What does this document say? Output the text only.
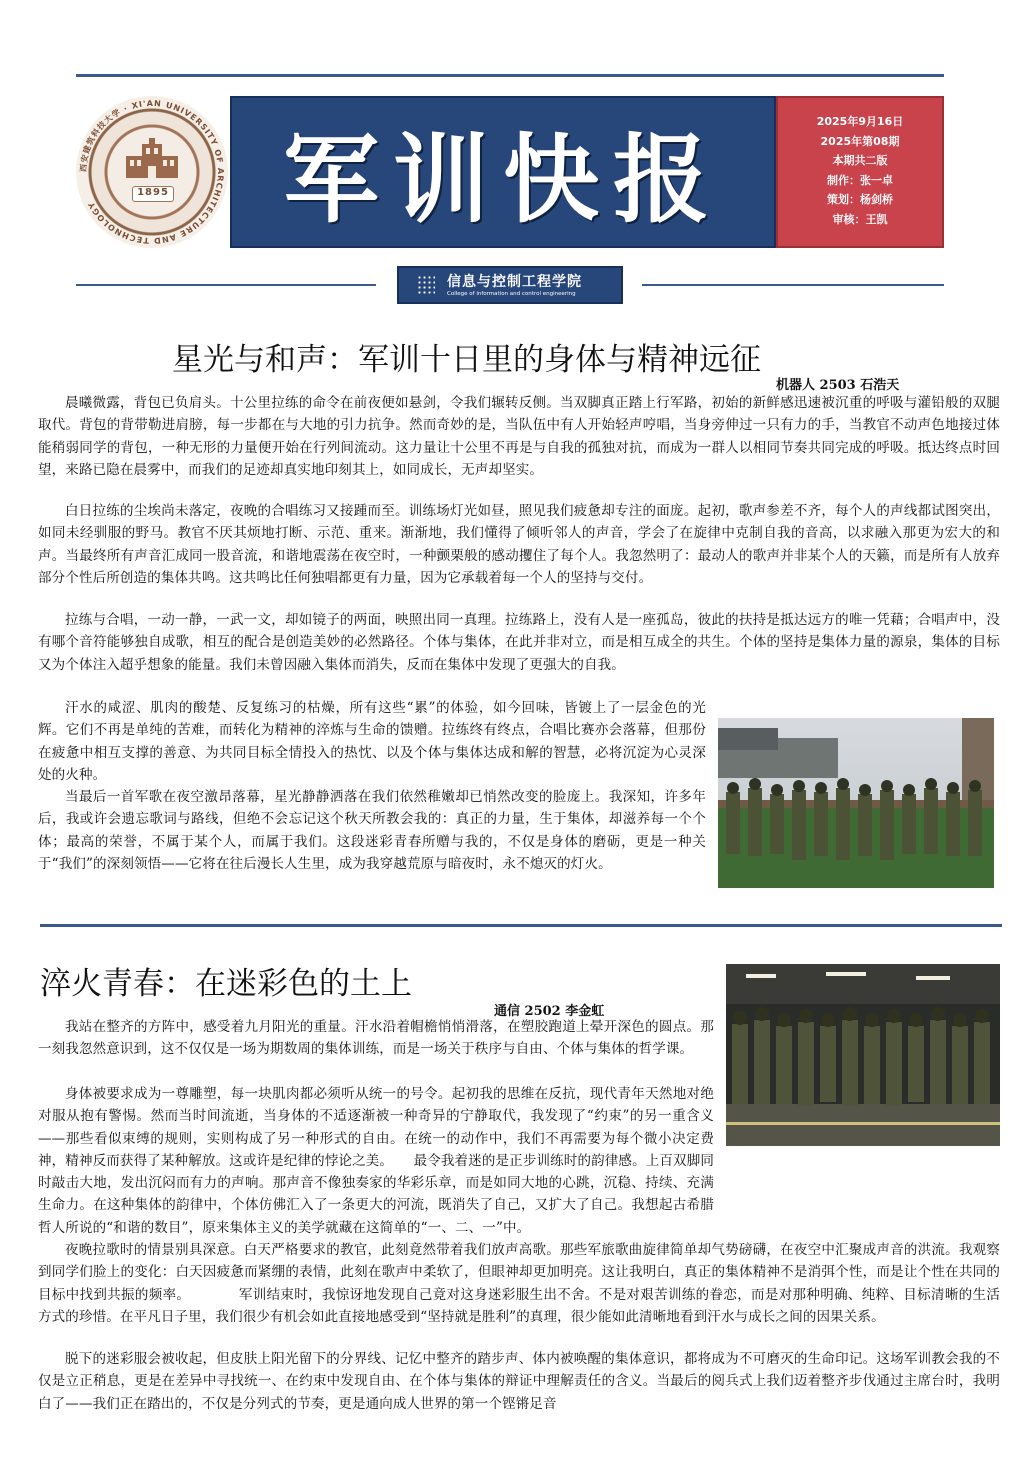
西安建筑科技大学 · XI'AN UNIVERSITY OF ARCHITECTURE AND TECHNOLOGY
1895	军训快报
2025年9月16日
2025年第08期
本期共二版
制作：张一卓
策划：杨剑桥
审核：王凯
信息与控制工程学院
College of information and control engineering
星光与和声：军训十日里的身体与精神远征
机器人 2503 石浩天

晨曦微露，背包已负肩头。十公里拉练的命令在前夜便如悬剑，令我们辗转反侧。当双脚真正踏上行军路，初始的新鲜感迅速被沉重的呼吸与灌铅般的双腿取代。背包的背带勒进肩膀，每一步都在与大地的引力抗争。然而奇妙的是，当队伍中有人开始轻声哼唱，当身旁伸过一只有力的手，当教官不动声色地接过体能稍弱同学的背包，一种无形的力量便开始在行列间流动。这力量让十公里不再是与自我的孤独对抗，而成为一群人以相同节奏共同完成的呼吸。抵达终点时回望，来路已隐在晨雾中，而我们的足迹却真实地印刻其上，如同成长，无声却坚实。

白日拉练的尘埃尚未落定，夜晚的合唱练习又接踵而至。训练场灯光如昼，照见我们疲惫却专注的面庞。起初，歌声参差不齐，每个人的声线都试图突出，如同未经驯服的野马。教官不厌其烦地打断、示范、重来。渐渐地，我们懂得了倾听邻人的声音，学会了在旋律中克制自我的音高，以求融入那更为宏大的和声。当最终所有声音汇成同一股音流，和谐地震荡在夜空时，一种颤栗般的感动攫住了每个人。我忽然明了：最动人的歌声并非某个人的天籁，而是所有人放弃部分个性后所创造的集体共鸣。这共鸣比任何独唱都更有力量，因为它承载着每一个人的坚持与交付。

拉练与合唱，一动一静，一武一文，却如镜子的两面，映照出同一真理。拉练路上，没有人是一座孤岛，彼此的扶持是抵达远方的唯一凭藉；合唱声中，没有哪个音符能够独自成歌，相互的配合是创造美妙的必然路径。个体与集体，在此并非对立，而是相互成全的共生。个体的坚持是集体力量的源泉，集体的目标又为个体注入超乎想象的能量。我们未曾因融入集体而消失，反而在集体中发现了更强大的自我。

汗水的咸涩、肌肉的酸楚、反复练习的枯燥，所有这些“累”的体验，如今回味，皆镀上了一层金色的光辉。它们不再是单纯的苦难，而转化为精神的淬炼与生命的馈赠。拉练终有终点，合唱比赛亦会落幕，但那份在疲惫中相互支撑的善意、为共同目标全情投入的热忱、以及个体与集体达成和解的智慧，必将沉淀为心灵深处的火种。

当最后一首军歌在夜空激昂落幕，星光静静洒落在我们依然稚嫩却已悄然改变的脸庞上。我深知，许多年后，我或许会遗忘歌词与路线，但绝不会忘记这个秋天所教会我的：真正的力量，生于集体，却滋养每一个个体；最高的荣誉，不属于某个人，而属于我们。这段迷彩青春所赠与我的，不仅是身体的磨砺，更是一种关于“我们”的深刻领悟——它将在往后漫长人生里，成为我穿越荒原与暗夜时，永不熄灭的灯火。

淬火青春：在迷彩色的土上
通信 2502 李金虹

我站在整齐的方阵中，感受着九月阳光的重量。汗水沿着帽檐悄悄滑落，在塑胶跑道上晕开深色的圆点。那一刻我忽然意识到，这不仅仅是一场为期数周的集体训练，而是一场关于秩序与自由、个体与集体的哲学课。

身体被要求成为一尊雕塑，每一块肌肉都必须听从统一的号令。起初我的思维在反抗，现代青年天然地对绝对服从抱有警惕。然而当时间流逝，当身体的不适逐渐被一种奇异的宁静取代，我发现了“约束”的另一重含义——那些看似束缚的规则，实则构成了另一种形式的自由。在统一的动作中，我们不再需要为每个微小决定费神，精神反而获得了某种解放。这或许是纪律的悖论之美。　　最令我着迷的是正步训练时的韵律感。上百双脚同时敲击大地，发出沉闷而有力的声响。那声音不像独奏家的华彩乐章，而是如同大地的心跳，沉稳、持续、充满生命力。在这种集体的韵律中，个体仿佛汇入了一条更大的河流，既消失了自己，又扩大了自己。我想起古希腊哲人所说的“和谐的数目”，原来集体主义的美学就藏在这简单的“一、二、一”中。

夜晚拉歌时的情景别具深意。白天严格要求的教官，此刻竟然带着我们放声高歌。那些军旅歌曲旋律简单却气势磅礴，在夜空中汇聚成声音的洪流。我观察到同学们脸上的变化：白天因疲惫而紧绷的表情，此刻在歌声中柔软了，但眼神却更加明亮。这让我明白，真正的集体精神不是消弭个性，而是让个性在共同的目标中找到共振的频率。　　　　军训结束时，我惊讶地发现自己竟对这身迷彩服生出不舍。不是对艰苦训练的眷恋，而是对那种明确、纯粹、目标清晰的生活方式的珍惜。在平凡日子里，我们很少有机会如此直接地感受到“坚持就是胜利”的真理，很少能如此清晰地看到汗水与成长之间的因果关系。

脱下的迷彩服会被收起，但皮肤上阳光留下的分界线、记忆中整齐的踏步声、体内被唤醒的集体意识，都将成为不可磨灭的生命印记。这场军训教会我的不仅是立正稍息，更是在差异中寻找统一、在约束中发现自由、在个体与集体的辩证中理解责任的含义。当最后的阅兵式上我们迈着整齐步伐通过主席台时，我明白了——我们正在踏出的，不仅是分列式的节奏，更是通向成人世界的第一个铿锵足音
